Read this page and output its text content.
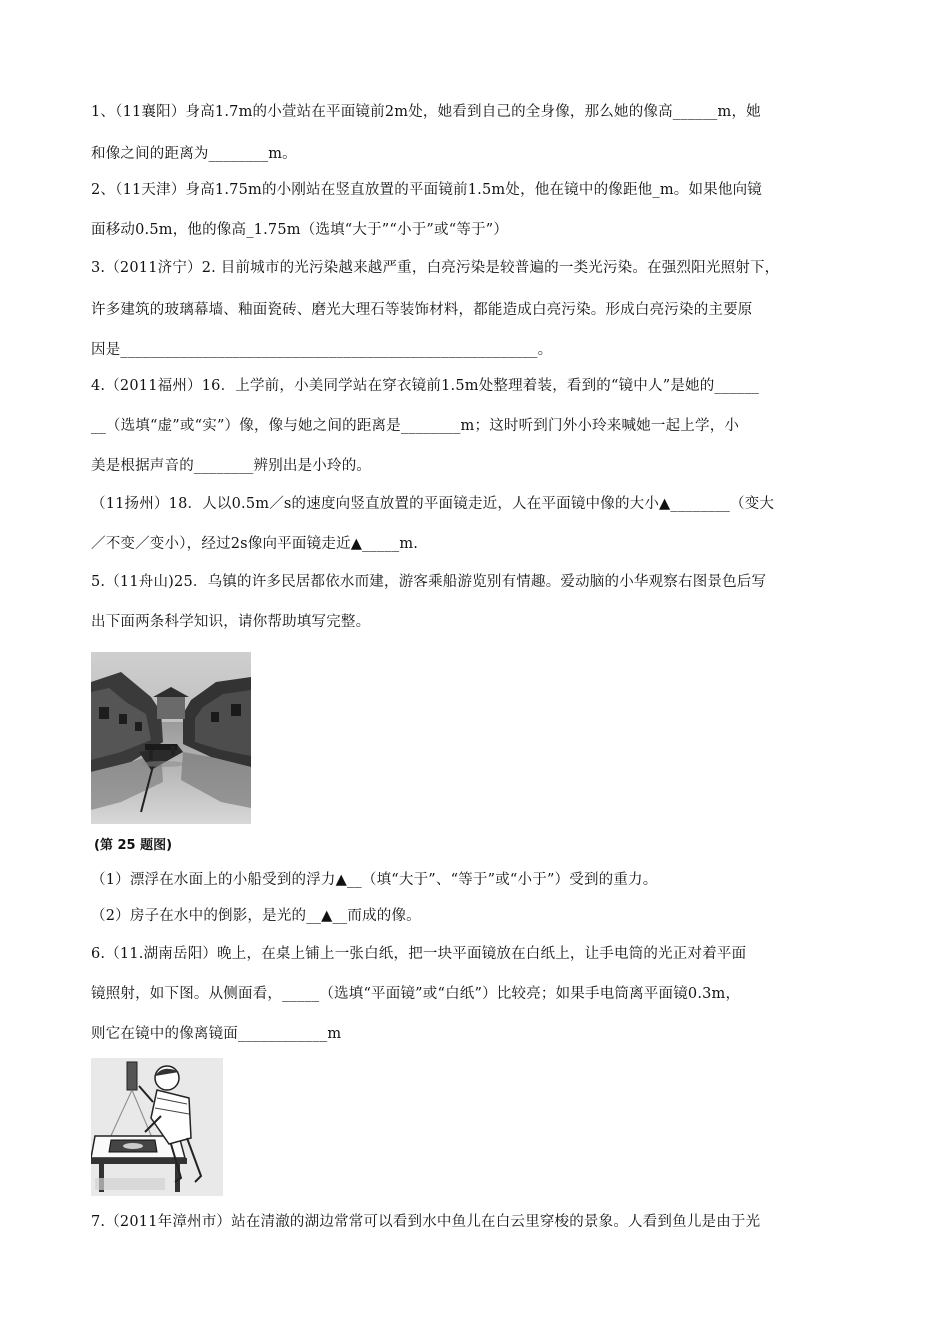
1、（11襄阳）身高1.7m的小萱站在平面镜前2m处，她看到自己的全身像，那么她的像高______m，她
和像之间的距离为________m。
2、（11天津）身高1.75m的小刚站在竖直放置的平面镜前1.5m处，他在镜中的像距他_m。如果他向镜
面移动0.5m，他的像高_1.75m（选填“大于”“小于”或“等于”）
3.（2011济宁）2. 目前城市的光污染越来越严重，白亮污染是较普遍的一类光污染。在强烈阳光照射下，
许多建筑的玻璃幕墙、釉面瓷砖、磨光大理石等装饰材料，都能造成白亮污染。形成白亮污染的主要原
因是________________________________________________________。
4.（2011福州）16．上学前，小美同学站在穿衣镜前1.5m处整理着装，看到的“镜中人”是她的______
__（选填“虚”或“实”）像，像与她之间的距离是________m；这时听到门外小玲来喊她一起上学，小
美是根据声音的________辨别出是小玲的。
（11扬州）18．人以0.5m／s的速度向竖直放置的平面镜走近，人在平面镜中像的大小▲________（变大
／不变／变小），经过2s像向平面镜走近▲_____m.
5.（11舟山)25．乌镇的许多民居都依水而建，游客乘船游览别有情趣。爱动脑的小华观察右图景色后写
出下面两条科学知识，请你帮助填写完整。
(第 25 题图)
（1）漂浮在水面上的小船受到的浮力▲__（填“大于”、“等于”或“小于”）受到的重力。
（2）房子在水中的倒影，是光的__▲__而成的像。
6.（11.湖南岳阳）晚上，在桌上铺上一张白纸，把一块平面镜放在白纸上，让手电筒的光正对着平面
镜照射，如下图。从侧面看，_____（选填“平面镜”或“白纸”）比较亮；如果手电筒离平面镜0.3m，
则它在镜中的像离镜面____________m
7.（2011年漳州市）站在清澈的湖边常常可以看到水中鱼儿在白云里穿梭的景象。人看到鱼儿是由于光
